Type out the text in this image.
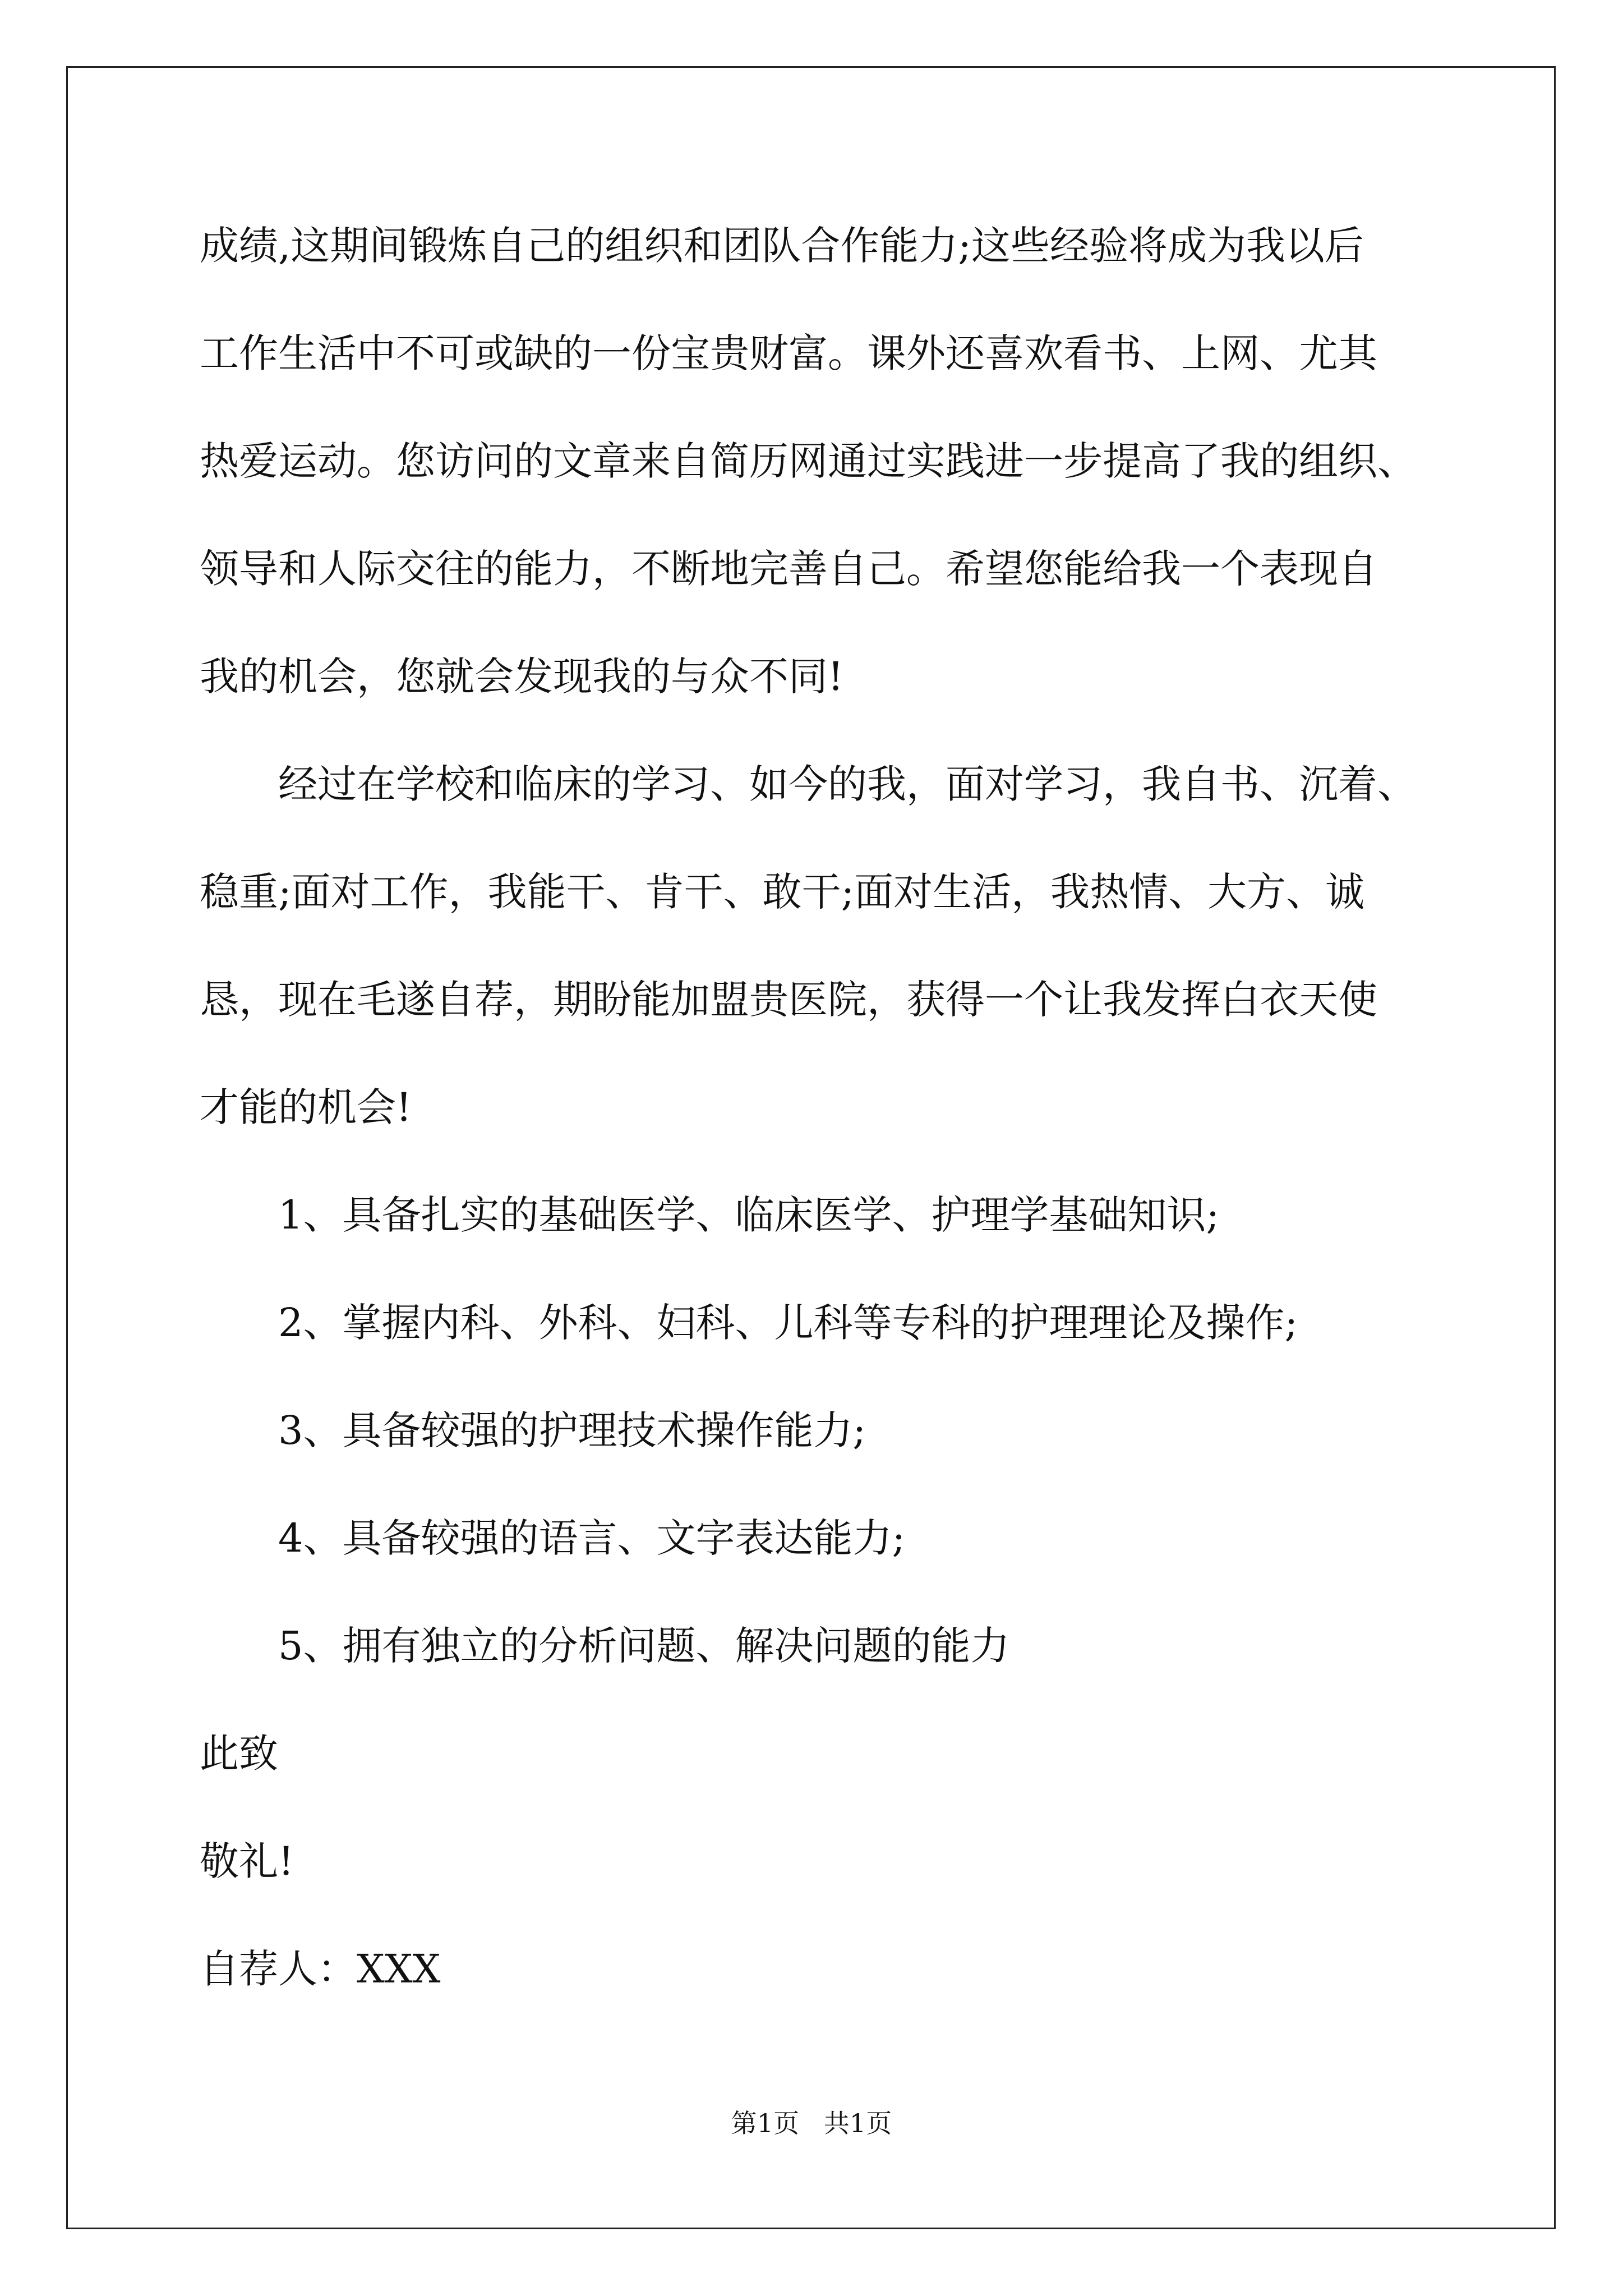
成绩,这期间锻炼自己的组织和团队合作能力;这些经验将成为我以后
工作生活中不可或缺的一份宝贵财富。课外还喜欢看书、上网、尤其
热爱运动。您访问的文章来自简历网通过实践进一步提高了我的组织、
领导和人际交往的能力，不断地完善自己。希望您能给我一个表现自
我的机会，您就会发现我的与众不同!
经过在学校和临床的学习、如今的我，面对学习，我自书、沉着、
稳重;面对工作，我能干、肯干、敢干;面对生活，我热情、大方、诚
恳，现在毛遂自荐，期盼能加盟贵医院，获得一个让我发挥白衣天使
才能的机会!
1、具备扎实的基础医学、临床医学、护理学基础知识;
2、掌握内科、外科、妇科、儿科等专科的护理理论及操作;
3、具备较强的护理技术操作能力;
4、具备较强的语言、文字表达能力;
5、拥有独立的分析问题、解决问题的能力
此致
敬礼!
自荐人：XXX
第1页   共1页
